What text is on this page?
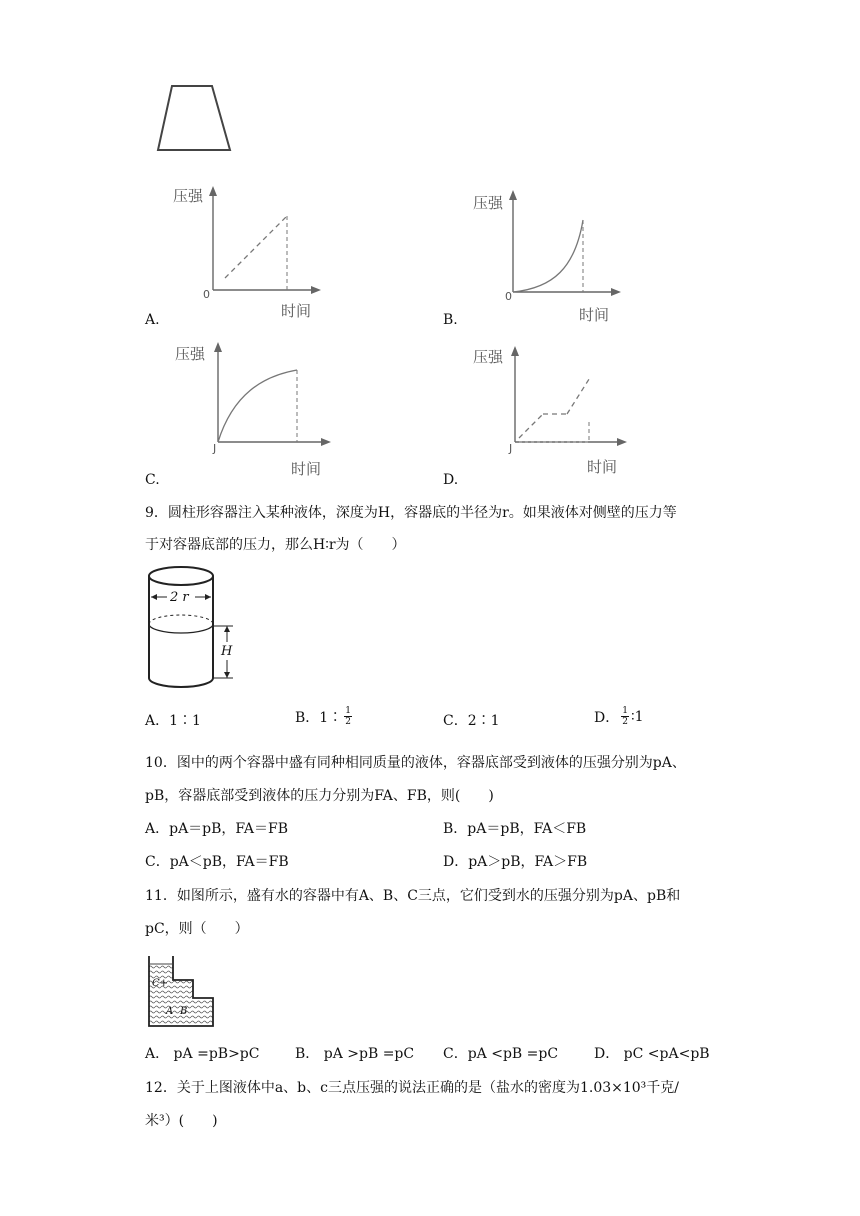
压强
0
时间
A.
压强
0
时间
B.
压强
J
时间
C.
压强
J
时间
D.
9．圆柱形容器注入某种液体，深度为H，容器底的半径为r。如果液体对侧壁的压力等
于对容器底部的压力，那么H∶r为（　　）
2 r
H
A．1∶1	B．1∶ $\frac{1}{2}$	C．2∶1	D． $\frac{1}{2}$ ∶1
10．图中的两个容器中盛有同种相同质量的液体，容器底部受到液体的压强分别为pA、
pB，容器底部受到液体的压力分别为FA、FB，则(　　)
A．pA＝pB，FA＝FB	B．pA＝pB，FA＜FB
C．pA＜pB，FA＝FB	D．pA＞pB，FA＞FB
11．如图所示，盛有水的容器中有A、B、C三点，它们受到水的压强分别为pA、pB和
pC，则（　　）
C+
A B
A． pA =pB>pC	B． pA >pB =pC C．pA <pB =pC	D． pC <pA<pB
12．关于上图液体中a、b、c三点压强的说法正确的是（盐水的密度为1.03×10³千克/
米³）(　　)
